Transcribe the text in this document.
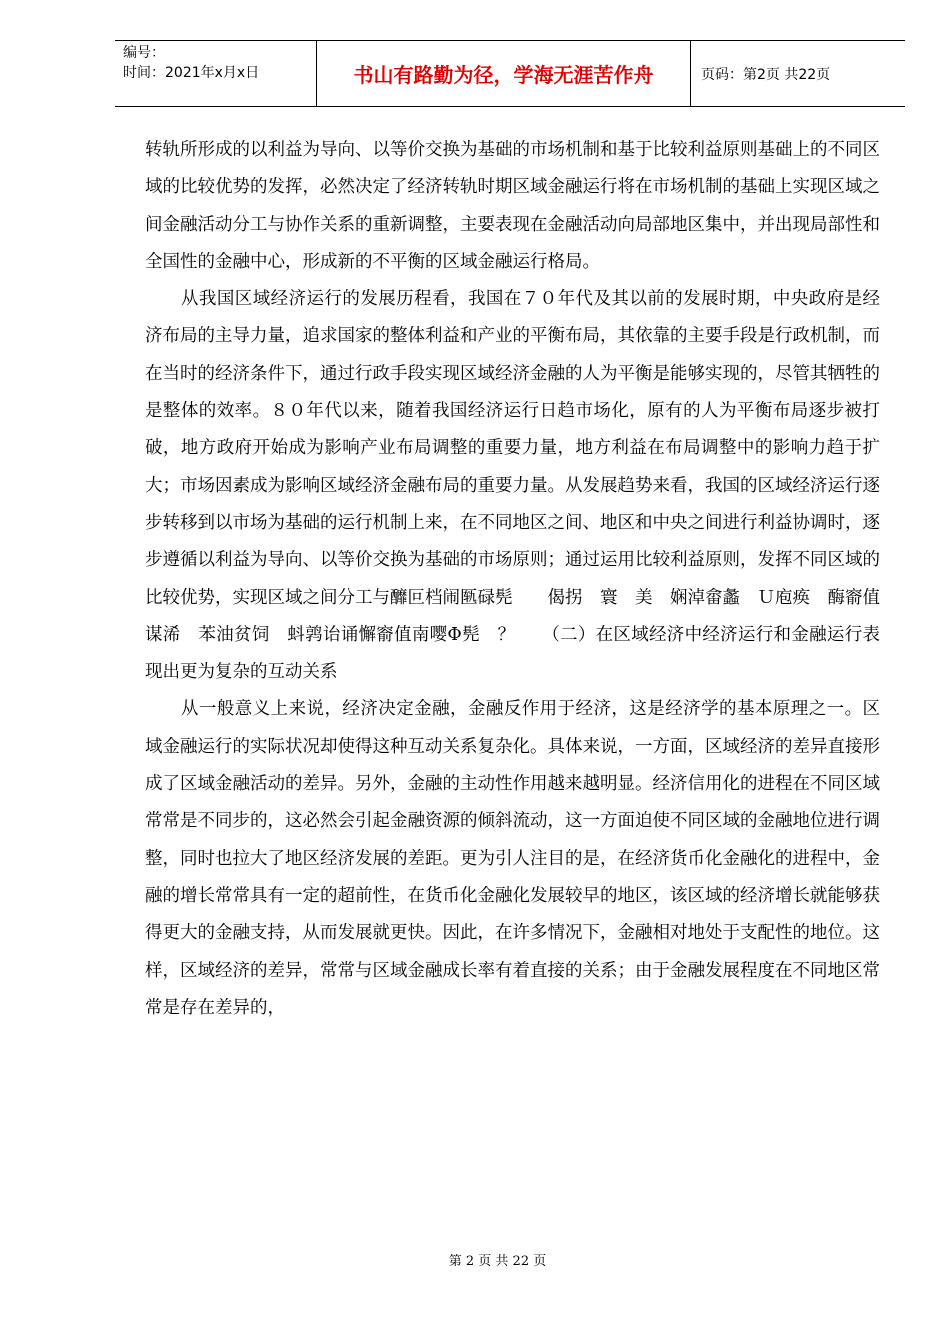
编号：
时间：2021年x月x日	书山有路勤为径，学海无涯苦作舟	页码：第2页 共22页

转轨所形成的以利益为导向、以等价交换为基础的市场机制和基于比较利益原则基础上的不同区域的比较优势的发挥，必然决定了经济转轨时期区域金融运行将在市场机制的基础上实现区域之间金融活动分工与协作关系的重新调整，主要表现在金融活动向局部地区集中，并出现局部性和全国性的金融中心，形成新的不平衡的区域金融运行格局。

从我国区域经济运行的发展历程看，我国在７０年代及其以前的发展时期，中央政府是经济布局的主导力量，追求国家的整体利益和产业的平衡布局，其依靠的主要手段是行政机制，而在当时的经济条件下，通过行政手段实现区域经济金融的人为平衡是能够实现的，尽管其牺牲的是整体的效率。８０年代以来，随着我国经济运行日趋市场化，原有的人为平衡布局逐步被打破，地方政府开始成为影响产业布局调整的重要力量，地方利益在布局调整中的影响力趋于扩大；市场因素成为影响区域经济金融布局的重要力量。从发展趋势来看，我国的区域经济运行逐步转移到以市场为基础的运行机制上来，在不同地区之间、地区和中央之间进行利益协调时，逐步遵循以利益为导向、以等价交换为基础的市场原则；通过运用比较利益原则，发挥不同区域的比较优势，实现区域之间分工与釄叵档闹匦碌髡　　偈拐　寰　美　娴淖畲蠡　Ｕ庖痪　酶窬值谋浠　苯油贫饲　蚪鹑诒诵懈窬值南嘤Φ髡　？　　（二）在区域经济中经济运行和金融运行表现出更为复杂的互动关系

从一般意义上来说，经济决定金融，金融反作用于经济，这是经济学的基本原理之一。区域金融运行的实际状况却使得这种互动关系复杂化。具体来说，一方面，区域经济的差异直接形成了区域金融活动的差异。另外，金融的主动性作用越来越明显。经济信用化的进程在不同区域常常是不同步的，这必然会引起金融资源的倾斜流动，这一方面迫使不同区域的金融地位进行调整，同时也拉大了地区经济发展的差距。更为引人注目的是，在经济货币化金融化的进程中，金融的增长常常具有一定的超前性，在货币化金融化发展较早的地区，该区域的经济增长就能够获得更大的金融支持，从而发展就更快。因此，在许多情况下，金融相对地处于支配性的地位。这样，区域经济的差异，常常与区域金融成长率有着直接的关系；由于金融发展程度在不同地区常常是存在差异的，

第 2 页 共 22 页
